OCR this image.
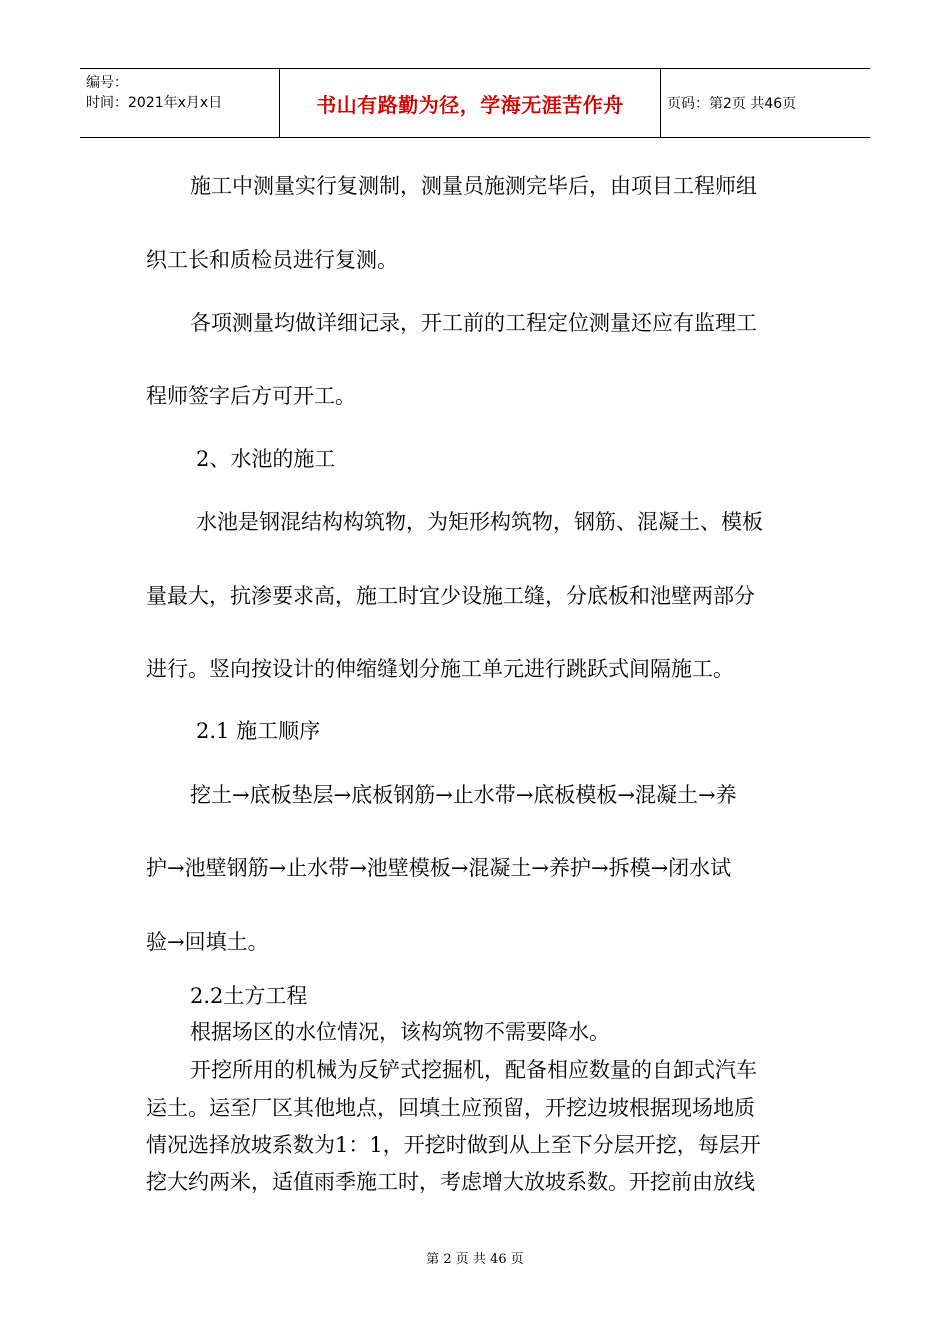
编号：
时间：2021年x月x日	书山有路勤为径，学海无涯苦作舟	页码：第2页 共46页

施工中测量实行复测制，测量员施测完毕后，由项目工程师组

织工长和质检员进行复测。

各项测量均做详细记录，开工前的工程定位测量还应有监理工

程师签字后方可开工。

2、水池的施工

水池是钢混结构构筑物，为矩形构筑物，钢筋、混凝土、模板

量最大，抗渗要求高，施工时宜少设施工缝，分底板和池壁两部分

进行。竖向按设计的伸缩缝划分施工单元进行跳跃式间隔施工。

2.1 施工顺序

挖土→底板垫层→底板钢筋→止水带→底板模板→混凝土→养

护→池壁钢筋→止水带→池壁模板→混凝土→养护→拆模→闭水试

验→回填土。

2.2土方工程

根据场区的水位情况，该构筑物不需要降水。

开挖所用的机械为反铲式挖掘机，配备相应数量的自卸式汽车

运土。运至厂区其他地点，回填土应预留，开挖边坡根据现场地质

情况选择放坡系数为1：1，开挖时做到从上至下分层开挖，每层开

挖大约两米，适值雨季施工时，考虑增大放坡系数。开挖前由放线

第 2 页 共 46 页
